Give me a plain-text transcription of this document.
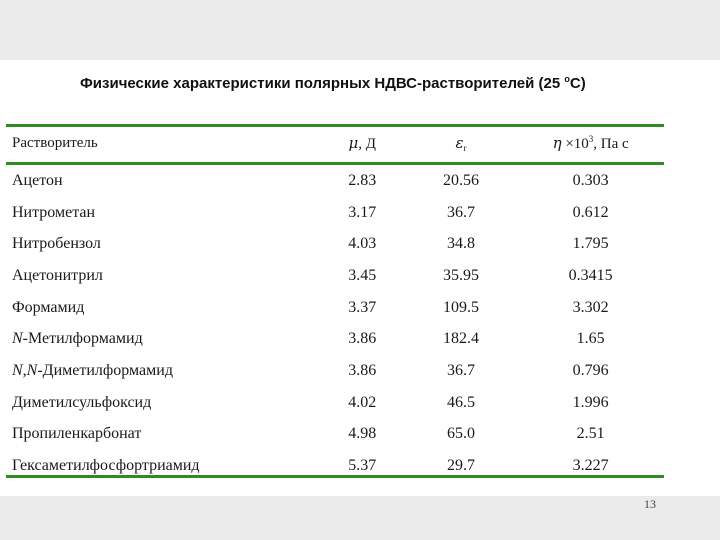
Физические характеристики полярных НДВС-растворителей (25 $^o$С)
Растворитель	μ, Д	$\varepsilon_r$	$\eta \times 10^3$, Па с
Ацетон	2.83	20.56	0.303
Нитрометан	3.17	36.7	0.612
Нитробензол	4.03	34.8	1.795
Ацетонитрил	3.45	35.95	0.3415
Формамид	3.37	109.5	3.302
N-Метилформамид	3.86	182.4	1.65
N,N-Диметилформамид	3.86	36.7	0.796
Диметилсульфоксид	4.02	46.5	1.996
Пропиленкарбонат	4.98	65.0	2.51
Гексаметилфосфортриамид	5.37	29.7	3.227
13
